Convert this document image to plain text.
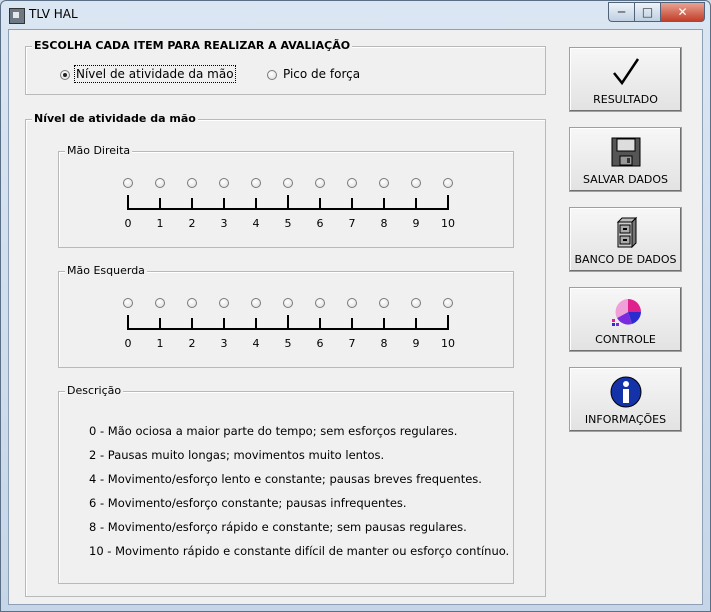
TLV HAL	─ □ ✕
ESCOLHA CADA ITEM PARA REALIZAR A AVALIAÇÃO
Nível de atividade da mão	Pico de força
Nível de atividade da mão
Mão Direita
0	1	2	3	4	5	6	7	8	9	10
Mão Esquerda
0	1	2	3	4	5	6	7	8	9	10
Descrição
0 - Mão ociosa a maior parte do tempo; sem esforços regulares.
2 - Pausas muito longas; movimentos muito lentos.
4 - Movimento/esforço lento e constante; pausas breves frequentes.
6 - Movimento/esforço constante; pausas infrequentes.
8 - Movimento/esforço rápido e constante; sem pausas regulares.
10 - Movimento rápido e constante difícil de manter ou esforço contínuo.
RESULTADO
SALVAR DADOS
BANCO DE DADOS
CONTROLE
INFORMAÇÕES
